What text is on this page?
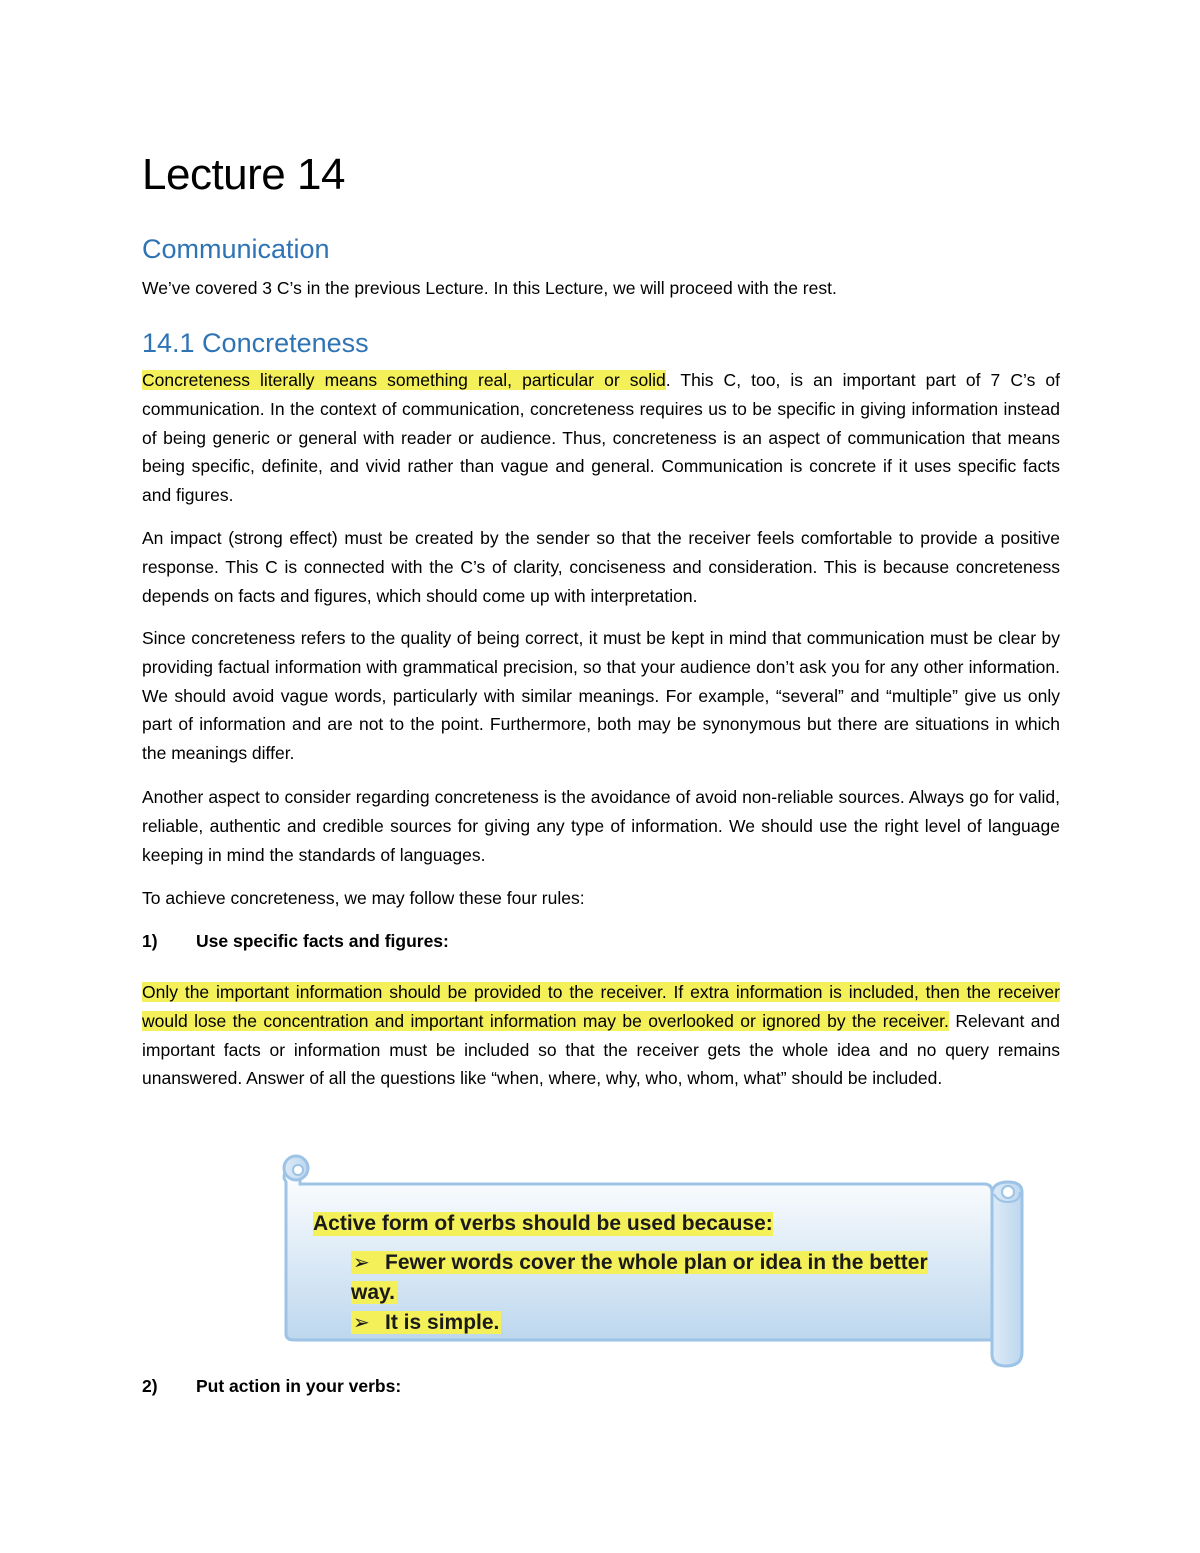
Lecture 14
Communication
We’ve covered 3 C’s in the previous Lecture. In this Lecture, we will proceed with the rest.
14.1 Concreteness
Concreteness literally means something real, particular or solid. This C, too, is an important part of 7 C’s of communication. In the context of communication, concreteness requires us to be specific in giving information instead of being generic or general with reader or audience. Thus, concreteness is an aspect of communication that means being specific, definite, and vivid rather than vague and general. Communication is concrete if it uses specific facts and figures.
An impact (strong effect) must be created by the sender so that the receiver feels comfortable to provide a positive response. This C is connected with the C’s of clarity, conciseness and consideration. This is because concreteness depends on facts and figures, which should come up with interpretation.
Since concreteness refers to the quality of being correct, it must be kept in mind that communication must be clear by providing factual information with grammatical precision, so that your audience don’t ask you for any other information. We should avoid vague words, particularly with similar meanings. For example, “several” and “multiple” give us only part of information and are not to the point. Furthermore, both may be synonymous but there are situations in which the meanings differ.
Another aspect to consider regarding concreteness is the avoidance of avoid non-reliable sources. Always go for valid, reliable, authentic and credible sources for giving any type of information. We should use the right level of language keeping in mind the standards of languages.
To achieve concreteness, we may follow these four rules:
1) Use specific facts and figures:
Only the important information should be provided to the receiver. If extra information is included, then the receiver would lose the concentration and important information may be overlooked or ignored by the receiver. Relevant and important facts or information must be included so that the receiver gets the whole idea and no query remains unanswered. Answer of all the questions like “when, where, why, who, whom, what” should be included.
Active form of verbs should be used because:
➢ Fewer words cover the whole plan or idea in the better way.
➢ It is simple.
2) Put action in your verbs:
